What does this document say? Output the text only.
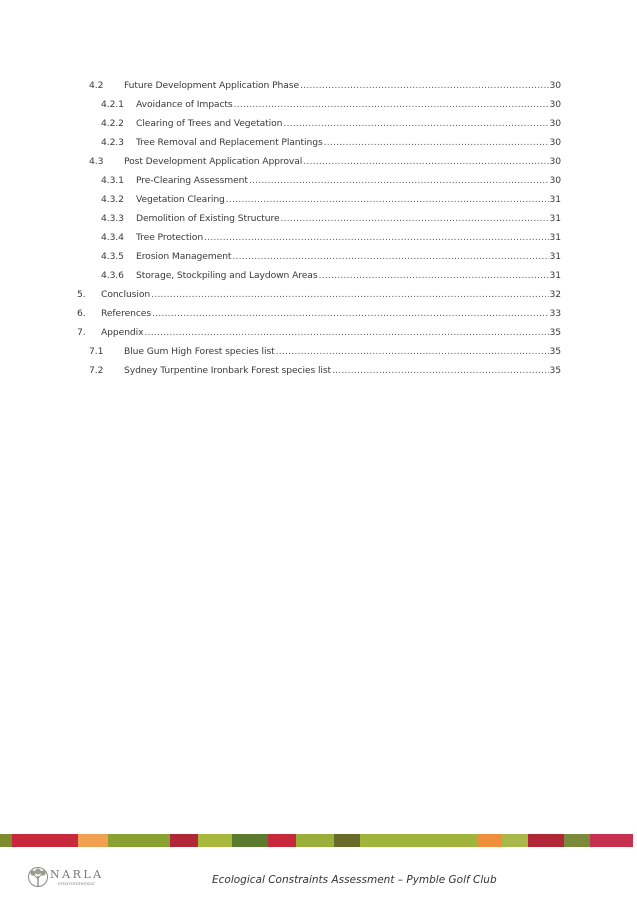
4.2	Future Development Application Phase .....	30
4.2.1	Avoidance of Impacts .....	30
4.2.2	Clearing of Trees and Vegetation .....	30
4.2.3	Tree Removal and Replacement Plantings .....	30
4.3	Post Development Application Approval .....	30
4.3.1	Pre-Clearing Assessment .....	30
4.3.2	Vegetation Clearing .....	31
4.3.3	Demolition of Existing Structure .....	31
4.3.4	Tree Protection .....	31
4.3.5	Erosion Management .....	31
4.3.6	Storage, Stockpiling and Laydown Areas .....	31
5.	Conclusion .....	32
6.	References .....	33
7.	Appendix .....	35
7.1	Blue Gum High Forest species list .....	35
7.2	Sydney Turpentine Ironbark Forest species list .....	35
NARLA
environmental	Ecological Constraints Assessment – Pymble Golf Club
